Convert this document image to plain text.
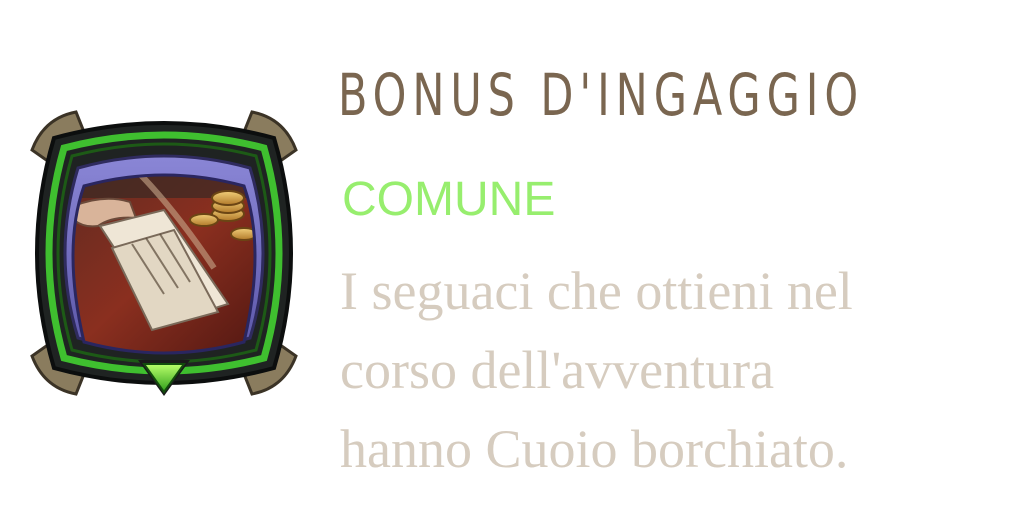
BONUS D'INGAGGIO
COMUNE
I seguaci che ottieni nel
corso dell'avventura
hanno Cuoio borchiato.
